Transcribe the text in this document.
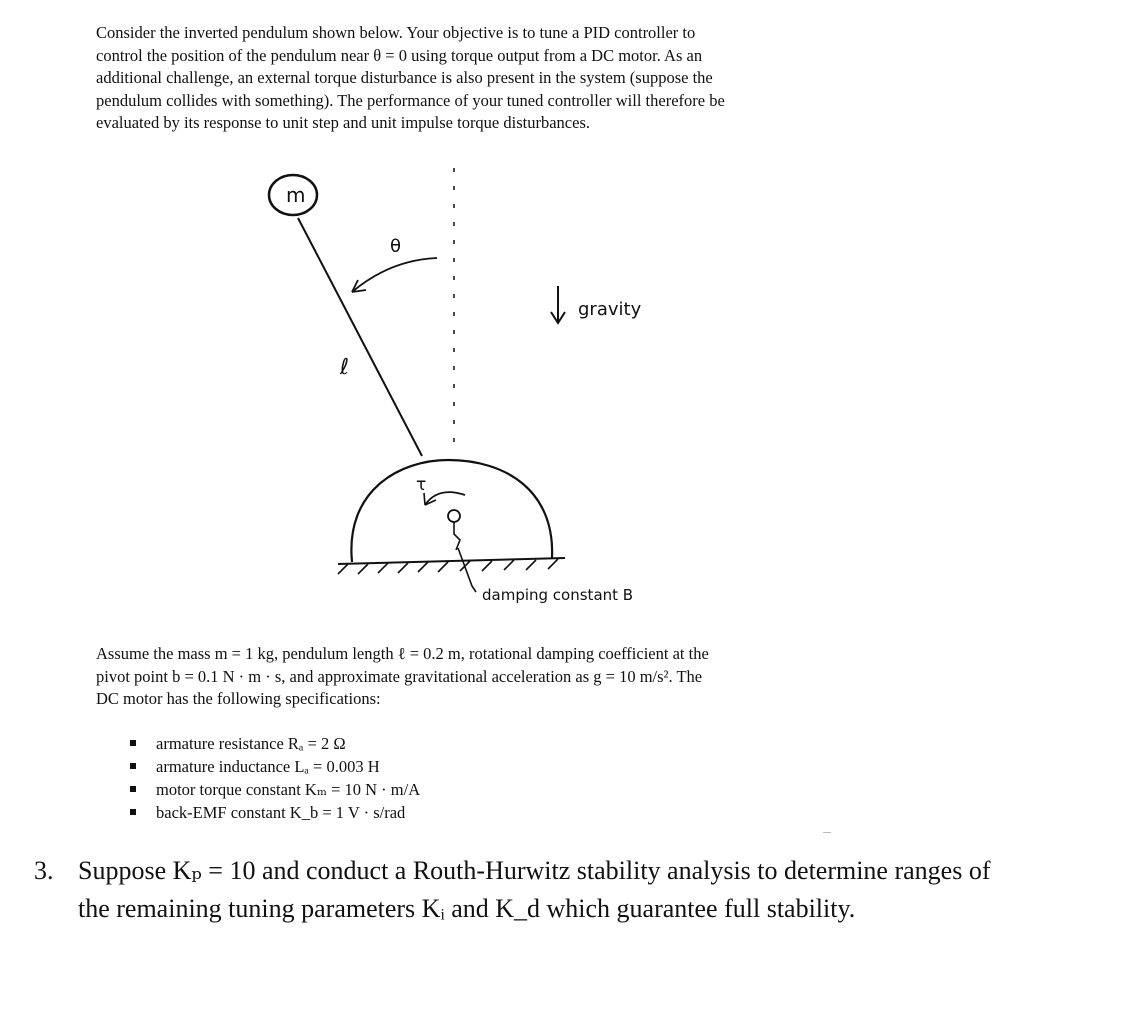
Consider the inverted pendulum shown below. Your objective is to tune a PID controller to
control the position of the pendulum near θ = 0 using torque output from a DC motor. As an
additional challenge, an external torque disturbance is also present in the system (suppose the
pendulum collides with something). The performance of your tuned controller will therefore be
evaluated by its response to unit step and unit impulse torque disturbances.

m
θ
ℓ
τ
gravity
damping constant B

Assume the mass m = 1 kg, pendulum length ℓ = 0.2 m, rotational damping coefficient at the
pivot point b = 0.1 N · m · s, and approximate gravitational acceleration as g = 10 m/s². The
DC motor has the following specifications:

armature resistance Rₐ = 2 Ω
armature inductance Lₐ = 0.003 H
motor torque constant Kₘ = 10 N · m/A
back-EMF constant K_b = 1 V · s/rad
3. Suppose Kₚ = 10 and conduct a Routh-Hurwitz stability analysis to determine ranges of
the remaining tuning parameters Kᵢ and K_d which guarantee full stability.
